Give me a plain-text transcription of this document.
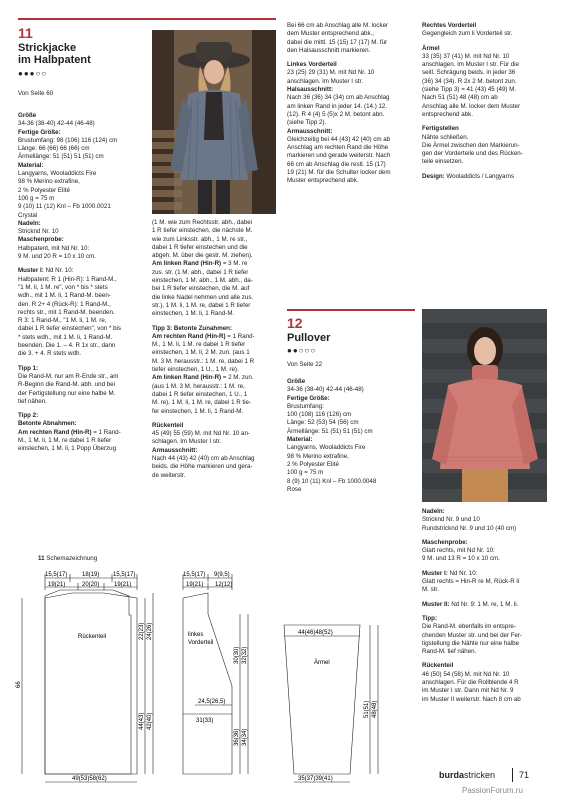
11
Strickjacke
im Halbpatent
●●●○○
Von Seite 60
Größe
34-36 (38-40) 42-44 (46-48)
Fertige Größe:
Brustumfang: 98 (106) 116 (124) cm
Länge: 66 (66) 66 (66) cm
Ärmellänge: 51 (51) 51 (51) cm
Material:
Langyarns, Wooladdicts Fire
98 % Merino extrafine,
2 % Polyester Elité
100 g = 75 m
9 (10) 11 (12) Knl – Fb 1000.0021
Crystal
Nadeln:
Stricknd Nr. 10
Maschenprobe:
Halbpatent, mit Nd Nr. 10:
9 M. und 20 R = 10 x 10 cm.
Muster I: Nd Nr. 10:
Halbpatent: R 1 (Hin-R): 1 Rand-M.,
"1 M. li, 1 M. re", von * bis * stets
wdh., mit 1 M. li, 1 Rand-M. been-
den. R 2+ 4 (Rück-R): 1 Rand-M.,
rechts str., mit 1 Rand-M. beenden.
R 3: 1 Rand-M., "1 M. li, 1 M. re,
dabei 1 R tiefer einstechen", von * bis
* stets wdh., mit 1 M. li, 1 Rand-M.
beenden. Die 1. – 4. R 1x str., dann
die 3. + 4. R stets wdh.
Tipp 1:
Die Rand-M. nur am R-Ende str., am
R-Beginn die Rand-M. abh. und bei
der Fertigstellung nur eine halbe M.
tief nähen.
Tipp 2:
Betonte Abnahmen:
Am rechten Rand (Hin-R) = 1 Rand-
M., 1 M. li, 1 M. re dabei 1 R tiefer
einstechen, 1 M. li, 1 Popp Überzug
(1 M. wie zum Rechtsstr. abh., dabei
1 R tiefer einstechen, die nächste M.
wie zum Linksstr. abh., 1 M. re str.,
dabei 1 R tiefer einstechen und die
abgeh. M. über die gestr. M. ziehen).
Am linken Rand (Hin-R) = 3 M. re
zus. str. (1 M. abh., dabei 1 R tiefer
einstechen, 1 M. abh., 1 M. abh., da-
bei 1 R tiefer einstechen, die M. auf
die linke Nadel nehmen und alle zus.
str.), 1 M. li, 1 M. re, dabei 1 R tiefer
einstechen, 1 M. li, 1 Rand-M.
Tipp 3: Betonte Zunahmen:
Am rechten Rand (Hin-R) = 1 Rand-
M., 1 M. li, 1 M. re dabei 1 R tiefer
einstechen, 1 M. li, 2 M. zun. (aus 1
M. 3 M. herausstr.: 1 M. re, dabei 1 R
tiefer einstechen, 1 U., 1 M. re).
Am linken Rand (Hin-R) = 2 M. zun.
(aus 1 M. 3 M. herausstr.: 1 M. re,
dabei 1 R tiefer einstechen, 1 U., 1
M. re), 1 M. li, 1 M. re, dabei 1 R tie-
fer einstechen, 1 M. li, 1 Rand-M.
Rückenteil
45 (49) 55 (59) M. mit Nd Nr. 10 an-
schlagen. Im Muster I str.
Armausschnitt:
Nach 44 (43) 42 (40) cm ab Anschlag
beids. die Höhe markieren und gera-
de weiterstr.
Bei 66 cm ab Anschlag alle M. locker
dem Muster entsprechend abk.,
dabei die mittl. 15 (15) 17 (17) M. für
den Halsausschnitt markieren.
Linkes Vorderteil
23 (25) 29 (31) M. mit Nd Nr. 10
anschlagen. Im Muster I str.
Halsausschnitt:
Nach 36 (36) 34 (34) cm ab Anschlag
am linken Rand in jeder 14. (14.) 12.
(12). R 4 (4) 5 (5)x 2 M. betont abn.
(siehe Tipp 2).
Armausschnitt:
Gleichzeitig bei 44 (43) 42 (40) cm ab
Anschlag am rechten Rand die Höhe
markieren und gerade weiterstr. Nach
66 cm ab Anschlag die restl. 15 (17)
19 (21) M. für die Schulter locker dem
Muster entsprechend abk.
Rechtes Vorderteil
Gegengleich zum li Vorderteil str.
Ärmel
33 (35) 37 (41) M. mit Nd Nr. 10
anschlagen. Im Muster I str. Für die
seitl. Schrägung beids. in jeder 36
(36) 34 (34). R 2x 2 M. betont zun.
(siehe Tipp 3) = 41 (43) 45 (49) M.
Nach 51 (51) 48 (48) cm ab
Anschlag alle M. locker dem Muster
entsprechend abk.
Fertigstellen
Nähte schließen.
Die Ärmel zwischen den Markierun-
gen der Vorderteile und des Rücken-
teile einsetzen.
Design: Wooladdicts / Langyarns
12
Pullover
●●○○○
Von Seite 22
Größe
34-36 (38-40) 42-44 (46-48)
Fertige Größe:
Brustumfang:
100 (108) 116 (126) cm
Länge: 52 (53) 54 (56) cm
Ärmellänge: 51 (51) 51 (51) cm
Material:
Langyarns, Wooladdicts Fire
98 % Merino extrafine,
2 % Polyester Elité
100 g = 75 m
8 (9) 10 (11) Knl – Fb 1000.0048
Rose
Nadeln:
Stricknd Nr. 9 und 10
Rundstricknd Nr. 9 und 10 (40 cm)
Maschenprobe:
Glatt rechts, mit Nd Nr. 10:
9 M. und 13 R = 10 x 10 cm.
Muster I: Nd Nr. 10:
Glatt rechts = Hin-R re M, Rück-R li
M. str.
Muster II: Nd Nr. 9: 1 M. re, 1 M. li.
Tipp:
Die Rand-M. ebenfalls im entspre-
chenden Muster str. und bei der Fer-
tigstellung die Nähte nur eine halbe
Rand-M. tief nähen.
Rückenteil
46 (50) 54 (58) M. mit Nd Nr. 10
anschlagen. Für die Rollblende 4 R
im Muster I str. Dann mit Nd Nr. 9
im Muster II weiterstr. Nach 8 cm ab
11 Schemazeichnung
15,5(17) 18(19) 15,5(17)
19(21)	20(20) 19(21)
Rückenteil
49(53)58(62)
66
22(23) 24(26)
44(43) 42(40)
15,5(17) 9(9,5)
19(21) 12(12)
linkes
Vorderteil
24,5(26,5)
31(33)
30(30) 32(32)
36(36) 34(34)
44(46)48(52)
Ärmel
35(37)39(41)
51(51) 48(48)
burdastricken	71
PassionForum.ru
